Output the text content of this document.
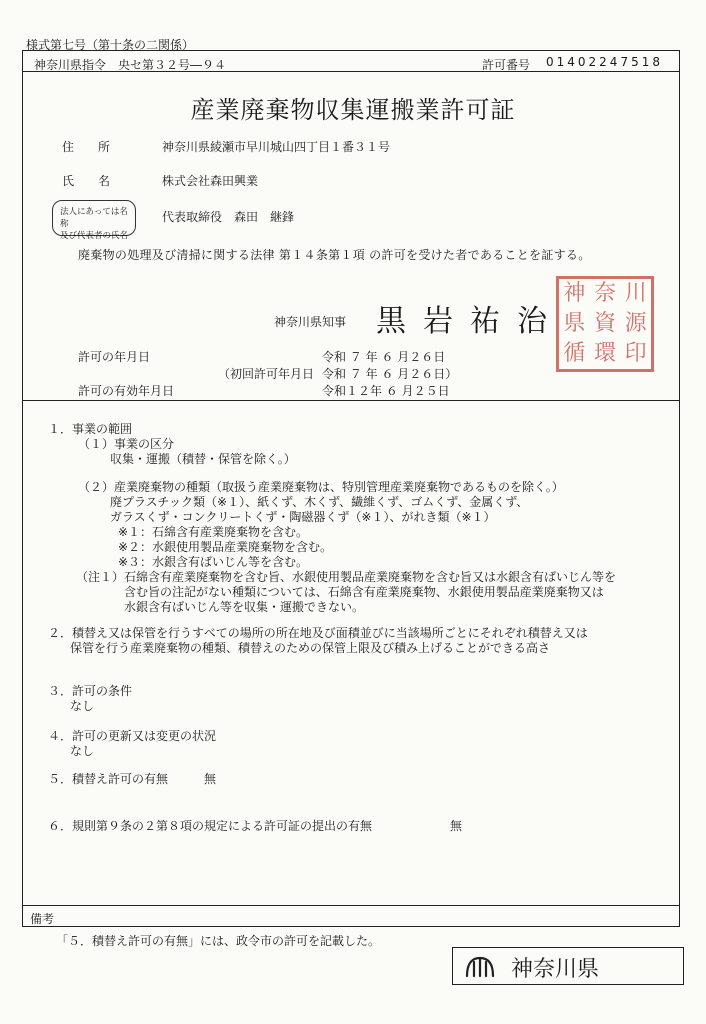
様式第七号（第十条の二関係）
神奈川県指令　央セ第３２号―９４	許可番号 01402247518
産業廃棄物収集運搬業許可証
住　　所	神奈川県綾瀬市早川城山四丁目１番３１号
氏　　名	株式会社森田興業
法人にあっては名称
及び代表者の氏名
代表取締役　森田　継鋒
廃棄物の処理及び清掃に関する法律 第１４条第１項 の許可を受けた者であることを証する。
神奈川県知事 黒岩祐治
神 奈 川
県 資 源
循 環 印
許可の年月日	令和 ７ 年 ６ 月２６日
（初回許可年月日 令和 ７ 年 ６ 月２６日）
許可の有効年月日	令和１２年 ６ 月２５日
１．事業の範囲
（１）事業の区分
収集・運搬（積替・保管を除く。）
（２）産業廃棄物の種類（取扱う産業廃棄物は、特別管理産業廃棄物であるものを除く。）
廃プラスチック類（※１）、紙くず、木くず、繊維くず、ゴムくず、金属くず、
ガラスくず・コンクリートくず・陶磁器くず（※１）、がれき類（※１）
※１：石綿含有産業廃棄物を含む。
※２：水銀使用製品産業廃棄物を含む。
※３：水銀含有ばいじん等を含む。
（注１）石綿含有産業廃棄物を含む旨、水銀使用製品産業廃棄物を含む旨又は水銀含有ばいじん等を
含む旨の注記がない種類については、石綿含有産業廃棄物、水銀使用製品産業廃棄物又は
水銀含有ばいじん等を収集・運搬できない。
２．積替え又は保管を行うすべての場所の所在地及び面積並びに当該場所ごとにそれぞれ積替え又は
保管を行う産業廃棄物の種類、積替えのための保管上限及び積み上げることができる高さ
３．許可の条件
なし
４．許可の更新又は変更の状況
なし
５．積替え許可の有無	無
６．規則第９条の２第８項の規定による許可証の提出の有無	無
備考
「５．積替え許可の有無」には、政令市の許可を記載した。
神奈川県
